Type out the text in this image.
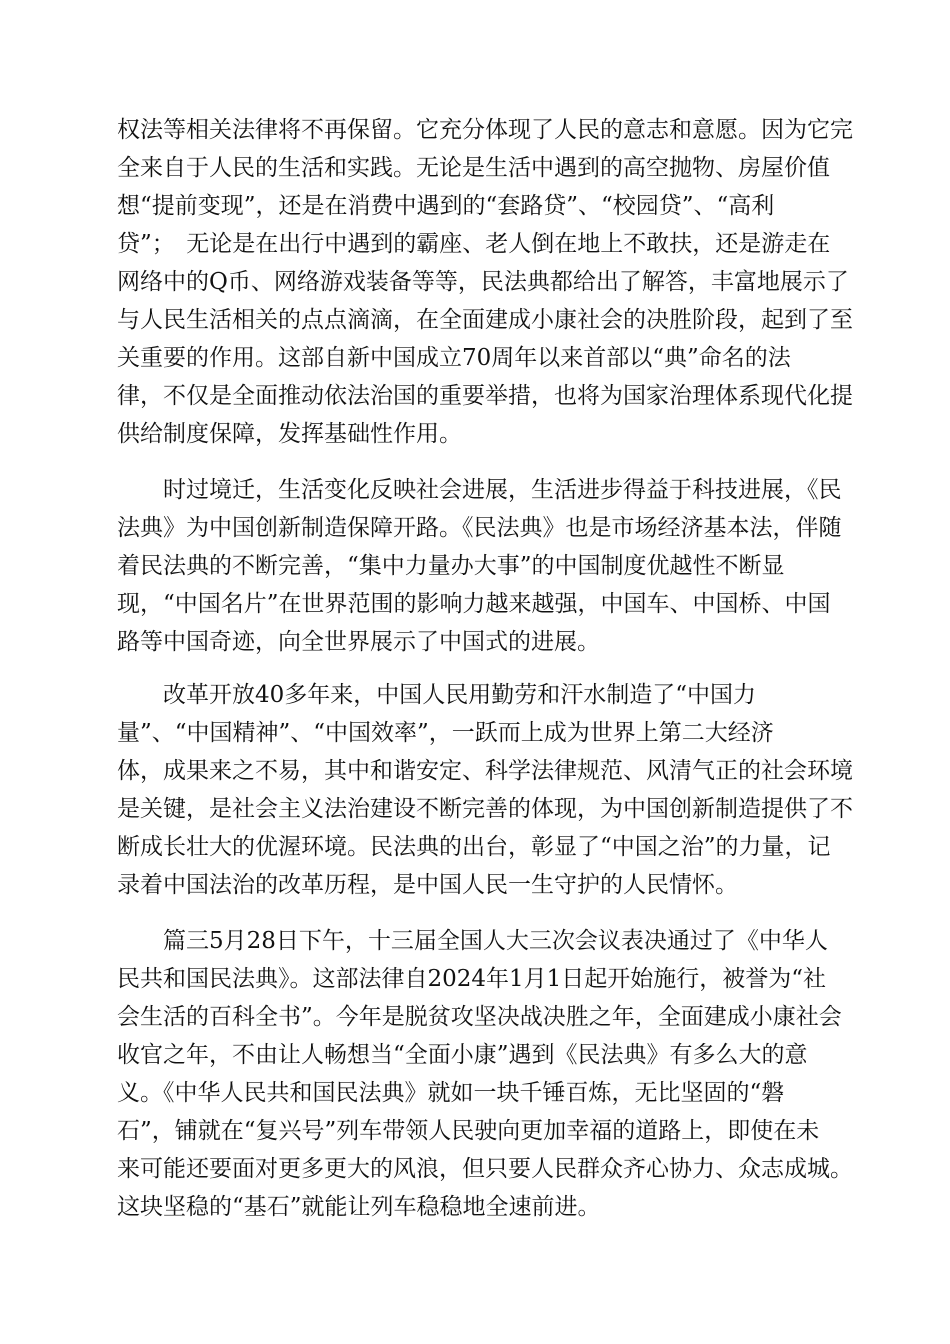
权法等相关法律将不再保留。它充分体现了人民的意志和意愿。因为它完
全来自于人民的生活和实践。无论是生活中遇到的高空抛物、房屋价值
想“提前变现”，还是在消费中遇到的“套路贷”、“校园贷”、“高利
贷”；　无论是在出行中遇到的霸座、老人倒在地上不敢扶，还是游走在
网络中的Q币、网络游戏装备等等，民法典都给出了解答，丰富地展示了
与人民生活相关的点点滴滴，在全面建成小康社会的决胜阶段，起到了至
关重要的作用。这部自新中国成立70周年以来首部以“典”命名的法
律，不仅是全面推动依法治国的重要举措，也将为国家治理体系现代化提
供给制度保障，发挥基础性作用。
时过境迁，生活变化反映社会进展，生活进步得益于科技进展，《民
法典》为中国创新制造保障开路。《民法典》也是市场经济基本法，伴随
着民法典的不断完善，“集中力量办大事”的中国制度优越性不断显
现，“中国名片”在世界范围的影响力越来越强，中国车、中国桥、中国
路等中国奇迹，向全世界展示了中国式的进展。
改革开放40多年来，中国人民用勤劳和汗水制造了“中国力
量”、“中国精神”、“中国效率”，一跃而上成为世界上第二大经济
体，成果来之不易，其中和谐安定、科学法律规范、风清气正的社会环境
是关键，是社会主义法治建设不断完善的体现，为中国创新制造提供了不
断成长壮大的优渥环境。民法典的出台，彰显了“中国之治”的力量，记
录着中国法治的改革历程，是中国人民一生守护的人民情怀。
篇三5月28日下午，十三届全国人大三次会议表决通过了《中华人
民共和国民法典》。这部法律自2024年1月1日起开始施行，被誉为“社
会生活的百科全书”。今年是脱贫攻坚决战决胜之年，全面建成小康社会
收官之年，不由让人畅想当“全面小康”遇到《民法典》有多么大的意
义。《中华人民共和国民法典》就如一块千锤百炼，无比坚固的“磐
石”，铺就在“复兴号”列车带领人民驶向更加幸福的道路上，即使在未
来可能还要面对更多更大的风浪，但只要人民群众齐心协力、众志成城。
这块坚稳的“基石”就能让列车稳稳地全速前进。
